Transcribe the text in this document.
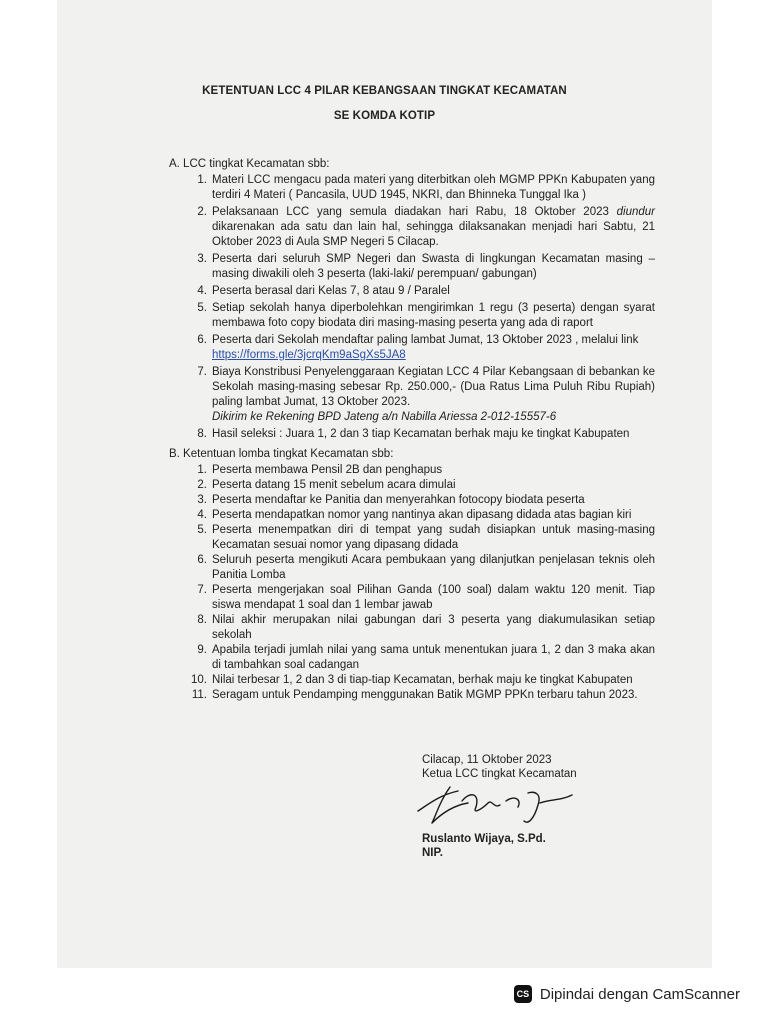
KETENTUAN LCC 4 PILAR KEBANGSAAN TINGKAT KECAMATAN
SE KOMDA KOTIP
A. LCC tingkat Kecamatan sbb:
1. Materi LCC mengacu pada materi yang diterbitkan oleh MGMP PPKn Kabupaten yang terdiri 4 Materi ( Pancasila, UUD 1945, NKRI, dan Bhinneka Tunggal Ika )
2. Pelaksanaan LCC yang semula diadakan hari Rabu, 18 Oktober 2023 diundur dikarenakan ada satu dan lain hal, sehingga dilaksanakan menjadi hari Sabtu, 21 Oktober 2023 di Aula SMP Negeri 5 Cilacap.
3. Peserta dari seluruh SMP Negeri dan Swasta di lingkungan Kecamatan masing – masing diwakili oleh 3 peserta (laki-laki/ perempuan/ gabungan)
4. Peserta berasal dari Kelas 7, 8 atau 9 / Paralel
5. Setiap sekolah hanya diperbolehkan mengirimkan 1 regu (3 peserta) dengan syarat membawa foto copy biodata diri masing-masing peserta yang ada di raport
6. Peserta dari Sekolah mendaftar paling lambat Jumat, 13 Oktober 2023 , melalui link

https://forms.gle/3jcrqKm9aSgXs5JA8

7. Biaya Konstribusi Penyelenggaraan Kegiatan LCC 4 Pilar Kebangsaan di bebankan ke Sekolah masing-masing sebesar Rp. 250.000,- (Dua Ratus Lima Puluh Ribu Rupiah) paling lambat Jumat, 13 Oktober 2023.

Dikirim ke Rekening BPD Jateng a/n Nabilla Ariessa 2-012-15557-6

8. Hasil seleksi : Juara 1, 2 dan 3 tiap Kecamatan berhak maju ke tingkat Kabupaten
B. Ketentuan lomba tingkat Kecamatan sbb:
1. Peserta membawa Pensil 2B dan penghapus
2. Peserta datang 15 menit sebelum acara dimulai
3. Peserta mendaftar ke Panitia dan menyerahkan fotocopy biodata peserta
4. Peserta mendapatkan nomor yang nantinya akan dipasang didada atas bagian kiri
5. Peserta menempatkan diri di tempat yang sudah disiapkan untuk masing-masing Kecamatan sesuai nomor yang dipasang didada
6. Seluruh peserta mengikuti Acara pembukaan yang dilanjutkan penjelasan teknis oleh Panitia Lomba
7. Peserta mengerjakan soal Pilihan Ganda (100 soal) dalam waktu 120 menit. Tiap siswa mendapat 1 soal dan 1 lembar jawab
8. Nilai akhir merupakan nilai gabungan dari 3 peserta yang diakumulasikan setiap sekolah
9. Apabila terjadi jumlah nilai yang sama untuk menentukan juara 1, 2 dan 3 maka akan di tambahkan soal cadangan
10. Nilai terbesar 1, 2 dan 3 di tiap-tiap Kecamatan, berhak maju ke tingkat Kabupaten
11. Seragam untuk Pendamping menggunakan Batik MGMP PPKn terbaru tahun 2023.
Cilacap, 11 Oktober 2023
Ketua LCC tingkat Kecamatan
Ruslanto Wijaya, S.Pd.
NIP.
CS Dipindai dengan CamScanner
